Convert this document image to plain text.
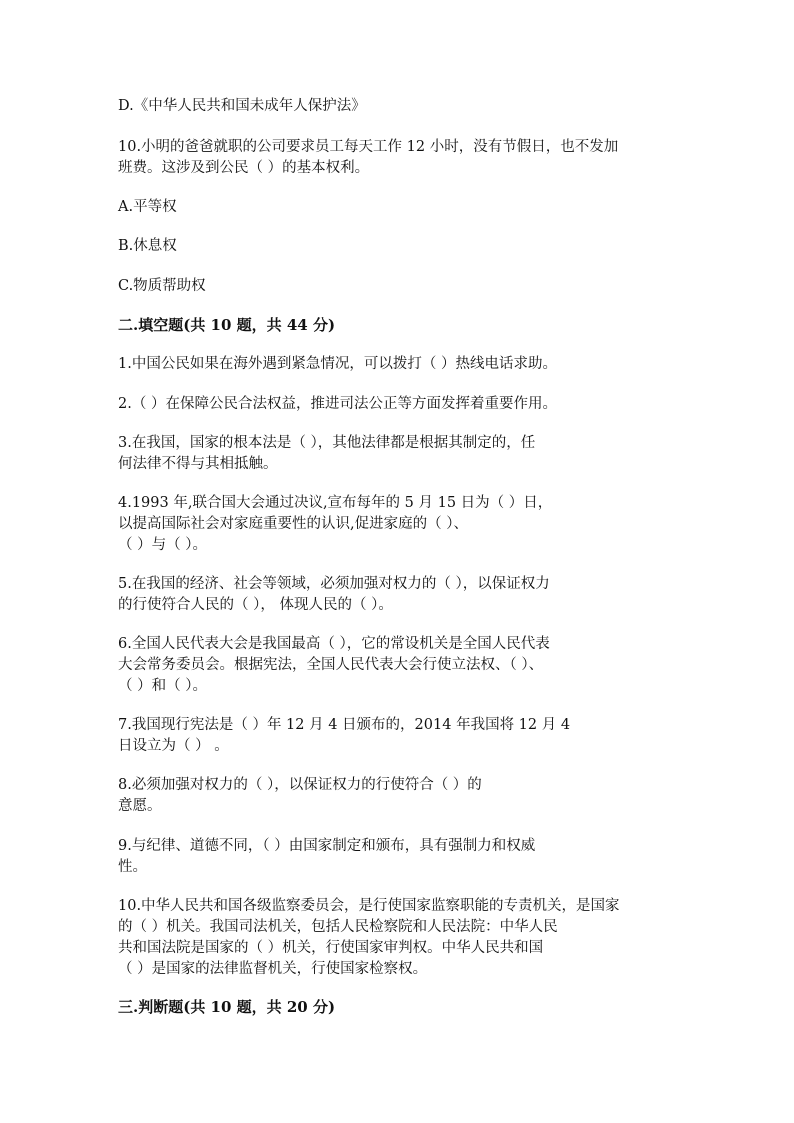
D.《中华人民共和国未成年人保护法》
10.小明的爸爸就职的公司要求员工每天工作 12 小时，没有节假日，也不发加
班费。这涉及到公民（ ）的基本权利。
A.平等权
B.休息权
C.物质帮助权
二.填空题(共 10 题，共 44 分)
1.中国公民如果在海外遇到紧急情况，可以拨打（ ）热线电话求助。
2.（ ）在保障公民合法权益，推进司法公正等方面发挥着重要作用。
3.在我国，国家的根本法是（ ），其他法律都是根据其制定的，任
何法律不得与其相抵触。
4.1993 年,联合国大会通过决议,宣布每年的 5 月 15 日为（ ）日，
以提高国际社会对家庭重要性的认识,促进家庭的（ ）、
（ ）与（ ）。
5.在我国的经济、社会等领域，必须加强对权力的（ ），以保证权力
的行使符合人民的（ ）， 体现人民的（ ）。
6.全国人民代表大会是我国最高（ ），它的常设机关是全国人民代表
大会常务委员会。根据宪法，全国人民代表大会行使立法权、（ ）、
（ ）和（ ）。
7.我国现行宪法是（ ）年 12 月 4 日颁布的，2014 年我国将 12 月 4
日设立为（ ） 。
8.必须加强对权力的（ ），以保证权力的行使符合（ ）的
意愿。
9.与纪律、道德不同，（ ）由国家制定和颁布，具有强制力和权威
性。
10.中华人民共和国各级监察委员会，是行使国家监察职能的专责机关，是国家
的（ ）机关。我国司法机关，包括人民检察院和人民法院：中华人民
共和国法院是国家的（ ）机关，行使国家审判权。中华人民共和国
（ ）是国家的法律监督机关，行使国家检察权。
三.判断题(共 10 题，共 20 分)
